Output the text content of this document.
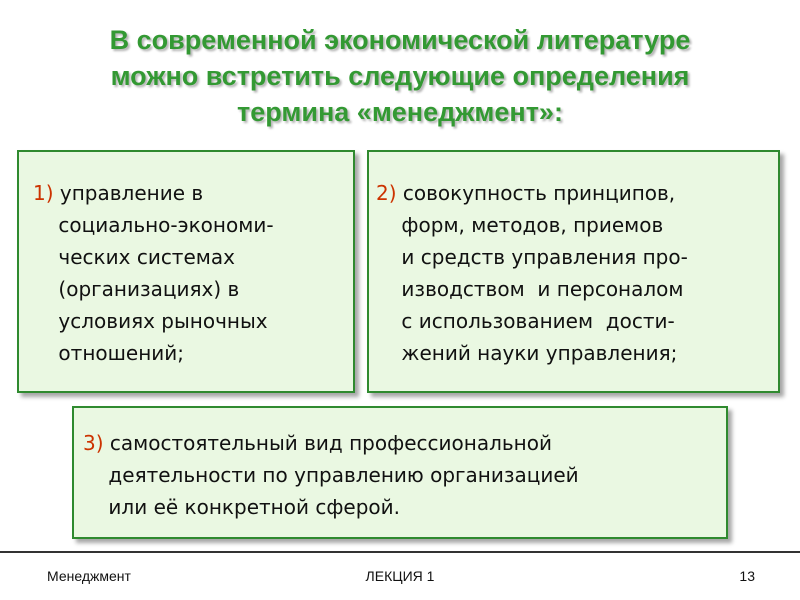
В современной экономической литературе
можно встретить следующие определения
термина «менеджмент»:
1) управление в
социально-экономи-
ческих системах
(организациях) в
условиях рыночных
отношений;
2) совокупность принципов,
форм, методов, приемов
и средств управления про-
изводством  и персоналом
с использованием  дости-
жений науки управления;
3) самостоятельный вид профессиональной
деятельности по управлению организацией
или её конкретной сферой.
Менеджмент	ЛЕКЦИЯ 1	13
